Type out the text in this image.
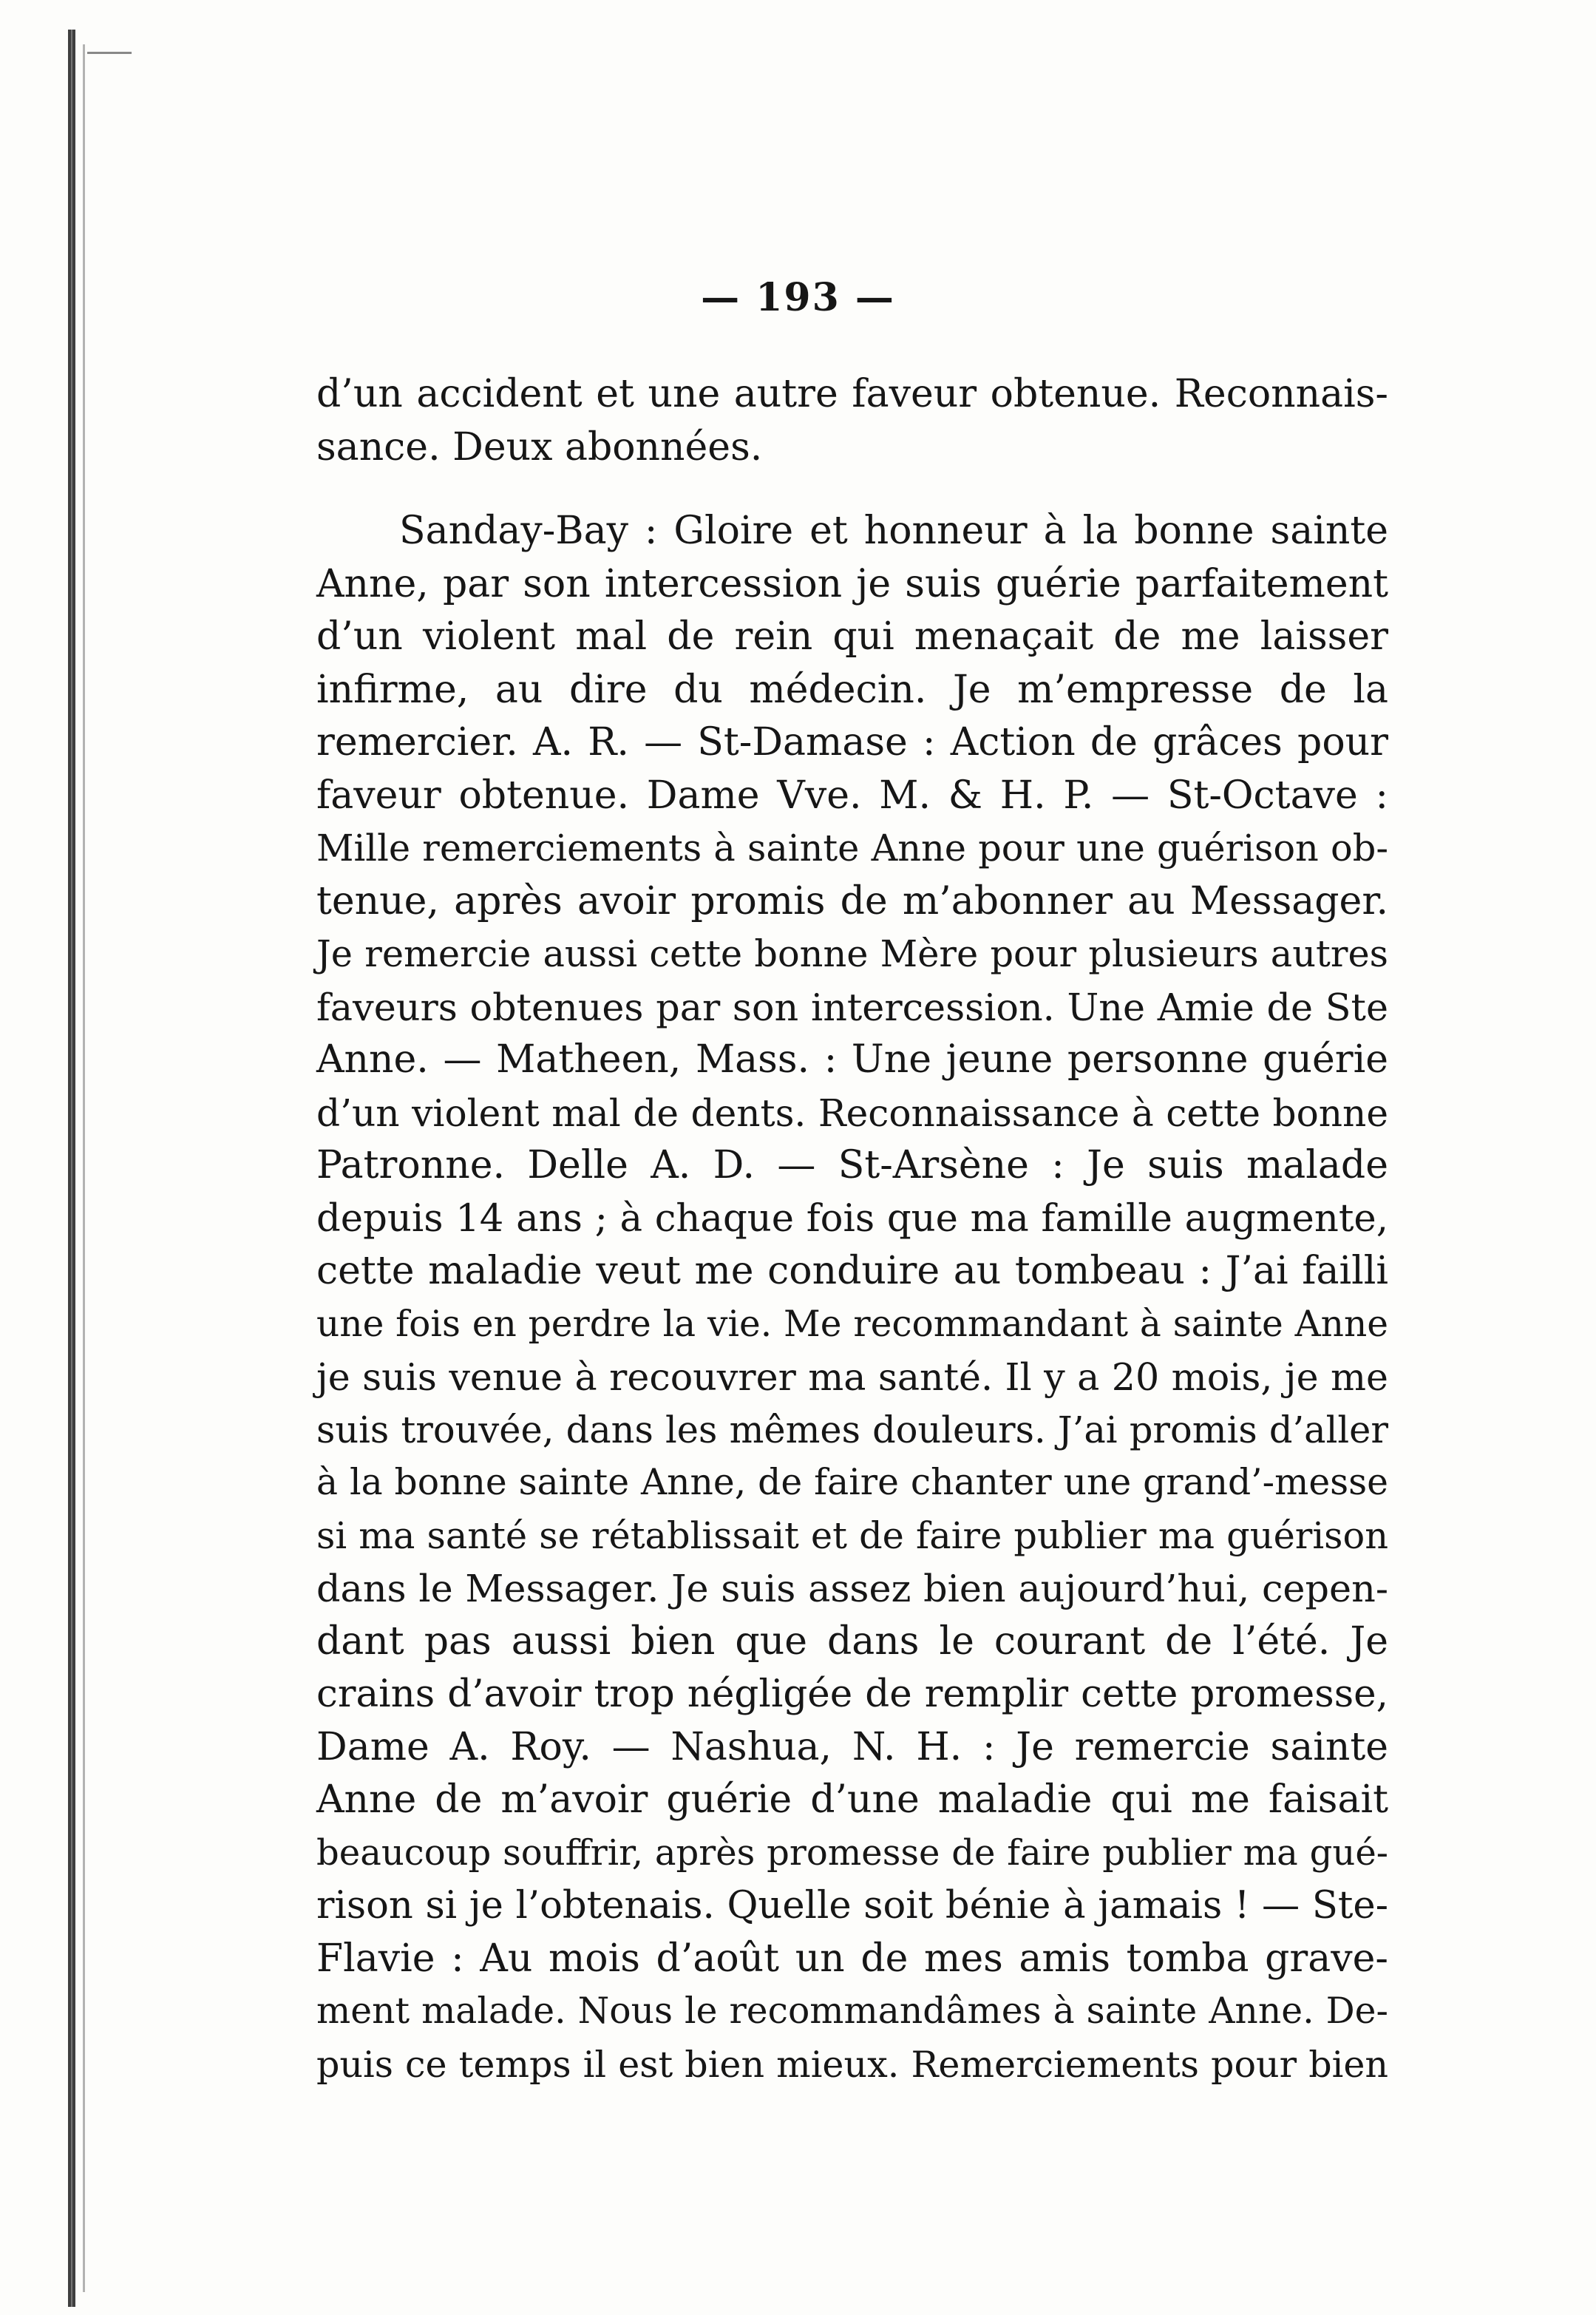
— 193 —
d’un accident et une autre faveur obtenue. Reconnais-
sance. Deux abonnées.
Sanday-Bay : Gloire et honneur à la bonne sainte
Anne, par son intercession je suis guérie parfaitement
d’un violent mal de rein qui menaçait de me laisser
infirme, au dire du médecin. Je m’empresse de la
remercier. A. R. — St-Damase : Action de grâces pour
faveur obtenue. Dame Vve. M. & H. P. — St-Octave :
Mille remerciements à sainte Anne pour une guérison ob-
tenue, après avoir promis de m’abonner au Messager.
Je remercie aussi cette bonne Mère pour plusieurs autres
faveurs obtenues par son intercession. Une Amie de Ste
Anne. — Matheen, Mass. : Une jeune personne guérie
d’un violent mal de dents. Reconnaissance à cette bonne
Patronne. Delle A. D. — St-Arsène : Je suis malade
depuis 14 ans ; à chaque fois que ma famille augmente,
cette maladie veut me conduire au tombeau : J’ai failli
une fois en perdre la vie. Me recommandant à sainte Anne
je suis venue à recouvrer ma santé. Il y a 20 mois, je me
suis trouvée, dans les mêmes douleurs. J’ai promis d’aller
à la bonne sainte Anne, de faire chanter une grand’-messe
si ma santé se rétablissait et de faire publier ma guérison
dans le Messager. Je suis assez bien aujourd’hui, cepen-
dant pas aussi bien que dans le courant de l’été. Je
crains d’avoir trop négligée de remplir cette promesse,
Dame A. Roy. — Nashua, N. H. : Je remercie sainte
Anne de m’avoir guérie d’une maladie qui me faisait
beaucoup souffrir, après promesse de faire publier ma gué-
rison si je l’obtenais. Quelle soit bénie à jamais ! — Ste-
Flavie : Au mois d’août un de mes amis tomba grave-
ment malade. Nous le recommandâmes à sainte Anne. De-
puis ce temps il est bien mieux. Remerciements pour bien
